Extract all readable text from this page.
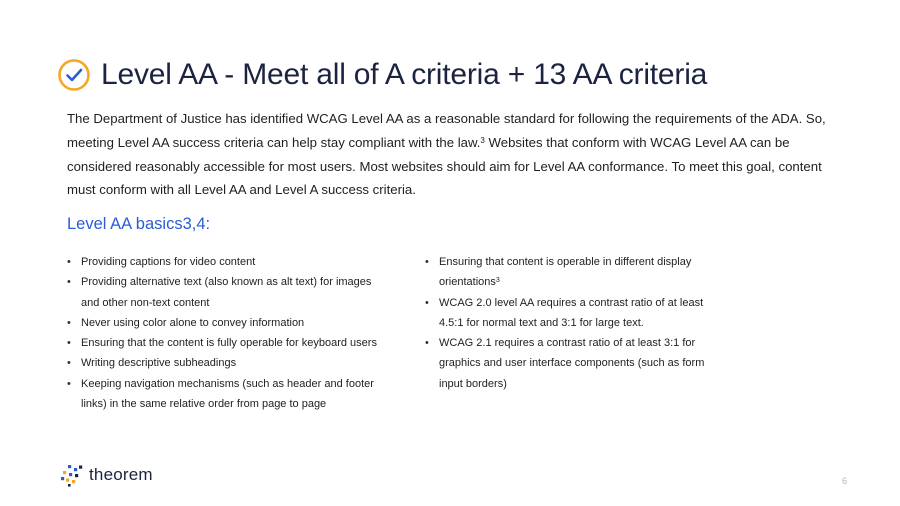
Level AA - Meet all of A criteria + 13 AA criteria

The Department of Justice has identified WCAG Level AA as a reasonable standard for following the requirements of the ADA. So, meeting Level AA success criteria can help stay compliant with the law.$^3$ Websites that conform with WCAG Level AA can be considered reasonably accessible for most users. Most websites should aim for Level AA conformance. To meet this goal, content must conform with all Level AA and Level A success criteria.

Level AA basics3,4:
• Providing captions for video content
• Providing alternative text (also known as alt text) for images and other non-text content
• Never using color alone to convey information
• Ensuring that the content is fully operable for keyboard users
• Writing descriptive subheadings
• Keeping navigation mechanisms (such as header and footer links) in the same relative order from page to page
• Ensuring that content is operable in different display orientations$^3$
• WCAG 2.0 level AA requires a contrast ratio of at least 4.5:1 for normal text and 3:1 for large text.
• WCAG 2.1 requires a contrast ratio of at least 3:1 for graphics and user interface components (such as form input borders)
theorem	6
